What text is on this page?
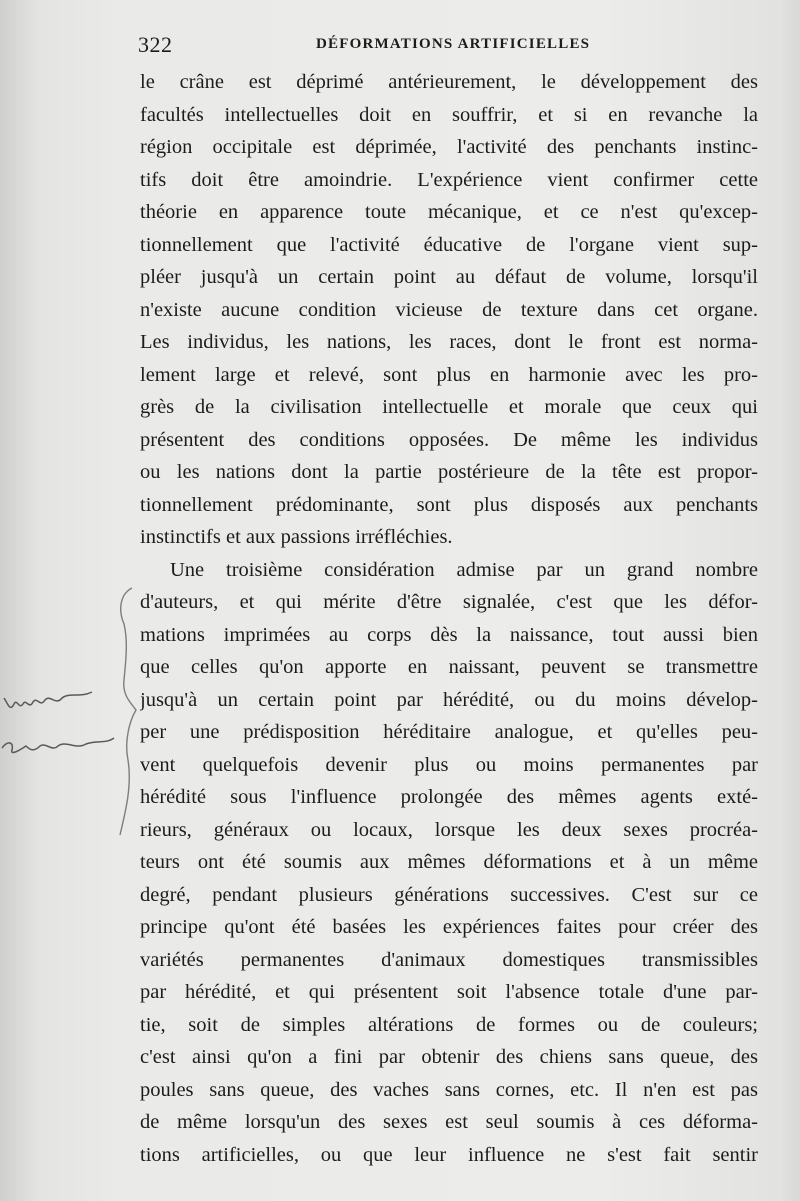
322	DÉFORMATIONS ARTIFICIELLES
le crâne est déprimé antérieurement, le développement des
facultés intellectuelles doit en souffrir, et si en revanche la
région occipitale est déprimée, l'activité des penchants instinc-
tifs doit être amoindrie. L'expérience vient confirmer cette
théorie en apparence toute mécanique, et ce n'est qu'excep-
tionnellement que l'activité éducative de l'organe vient sup-
pléer jusqu'à un certain point au défaut de volume, lorsqu'il
n'existe aucune condition vicieuse de texture dans cet organe.
Les individus, les nations, les races, dont le front est norma-
lement large et relevé, sont plus en harmonie avec les pro-
grès de la civilisation intellectuelle et morale que ceux qui
présentent des conditions opposées. De même les individus
ou les nations dont la partie postérieure de la tête est propor-
tionnellement prédominante, sont plus disposés aux penchants
instinctifs et aux passions irréfléchies.
Une troisième considération admise par un grand nombre
d'auteurs, et qui mérite d'être signalée, c'est que les défor-
mations imprimées au corps dès la naissance, tout aussi bien
que celles qu'on apporte en naissant, peuvent se transmettre
jusqu'à un certain point par hérédité, ou du moins dévelop-
per une prédisposition héréditaire analogue, et qu'elles peu-
vent quelquefois devenir plus ou moins permanentes par
hérédité sous l'influence prolongée des mêmes agents exté-
rieurs, généraux ou locaux, lorsque les deux sexes procréa-
teurs ont été soumis aux mêmes déformations et à un même
degré, pendant plusieurs générations successives. C'est sur ce
principe qu'ont été basées les expériences faites pour créer des
variétés permanentes d'animaux domestiques transmissibles
par hérédité, et qui présentent soit l'absence totale d'une par-
tie, soit de simples altérations de formes ou de couleurs;
c'est ainsi qu'on a fini par obtenir des chiens sans queue, des
poules sans queue, des vaches sans cornes, etc. Il n'en est pas
de même lorsqu'un des sexes est seul soumis à ces déforma-
tions artificielles, ou que leur influence ne s'est fait sentir
